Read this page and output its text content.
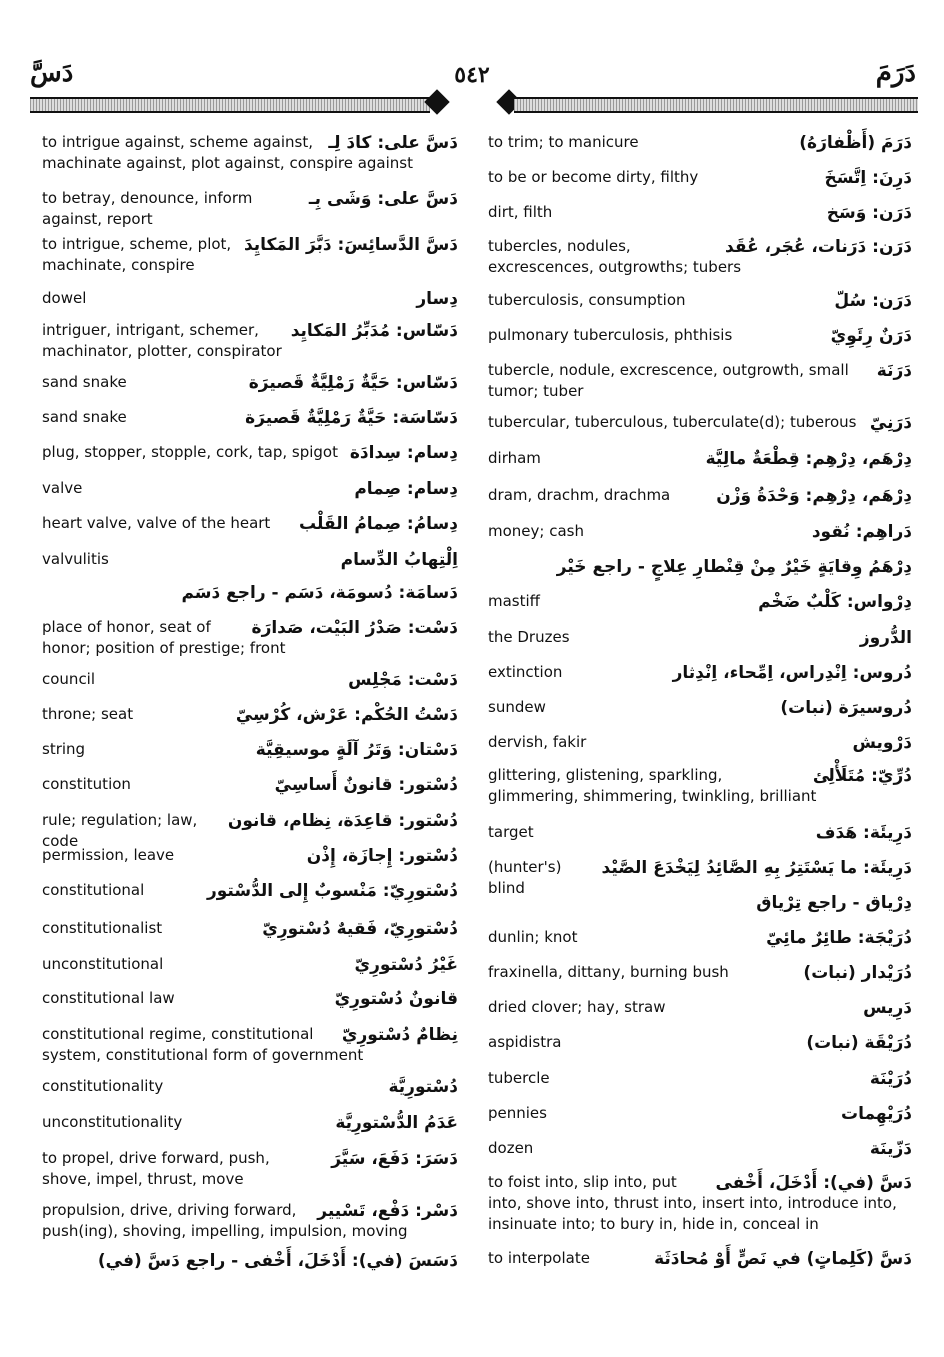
دَسَّ	٥٤٢	دَرَمَ
to intrigue against, scheme against, machinate against, plot against, conspire against
دَسَّ على: كادَ لِـ
to betray, denounce, inform against, report
دَسَّ على: وَشَى بِـ
to intrigue, scheme, plot, machinate, conspire
دَسَّ الدَّسائِسَ: دَبَّرَ المَكايِدَ
dowel	دِسار
intriguer, intrigant, schemer, machinator, plotter, conspirator
دَسّاس: مُدَبِّرُ المَكايِد
sand snake	دَسّاس: حَيَّةٌ رَمْلِيَّةٌ قَصيرَة
sand snake	دَسّاسَة: حَيَّةٌ رَمْلِيَّةٌ قَصيرَة
plug, stopper, stopple, cork, tap, spigot دِسام: سِدادَة
valve	دِسام: صِمام
heart valve, valve of the heart	دِسامُ: صِمامُ القَلْب
valvulitis	اِلْتِهابُ الدِّسام
دَسامَة: دُسومَة، دَسَم - راجع دَسَم
place of honor, seat of honor; position of prestige; front
دَسْت: صَدْرُ البَيْت، صَدارَة
council	دَسْت: مَجْلِس
throne; seat	دَسْتُ الحُكْم: عَرْش، كُرْسِيّ
string	دَسْتان: وَتَرُ آلَةٍ موسيقِيَّة
constitution	دُسْتور: قانونٌ أَساسِيّ
rule; regulation; law, code
دُسْتور: قاعِدَة، نِظام، قانون
permission, leave	دُسْتور: إِجازَة، إِذْن
constitutional	دُسْتورِيّ: مَنْسوبٌ إِلى الدُّسْتور
constitutionalist	دُسْتورِيّ، فَقيهٌ دُسْتورِيّ
unconstitutional	غَيْرُ دُسْتورِيّ
constitutional law	قانونٌ دُسْتورِيّ
constitutional regime, constitutional system, constitutional form of government
نِظامٌ دُسْتورِيّ
constitutionality	دُسْتورِيَّة
unconstitutionality	عَدَمُ الدُّسْتورِيَّة
to propel, drive forward, push, shove, impel, thrust, move
دَسَرَ: دَفَعَ، سَيَّرَ
propulsion, drive, driving forward, push(ing), shoving, impelling, impulsion, moving
دَسْر: دَفْع، تَسْيير
دَسَسَ (في): أَدْخَلَ، أَخْفى - راجع دَسَّ (في)
to trim; to manicure	دَرَمَ (أَظْفارَهُ)
to be or become dirty, filthy	دَرِنَ: اِتَّسَخَ
dirt, filth	دَرَن: وَسَخ
tubercles, nodules, excrescences, outgrowths; tubers
دَرَن: دَرَنات، عُجَر، عُقَد
tuberculosis, consumption	دَرَن: سُلّ
pulmonary tuberculosis, phthisis	دَرَنٌ رِئَوِيّ
tubercle, nodule, excrescence, outgrowth, small tumor; tuber
دَرَنَة
tubercular, tuberculous, tuberculate(d); tuberous دَرَنِيّ
dirham	دِرْهَم، دِرْهِم: قِطْعَةٌ مالِيَّة
dram, drachm, drachma	دِرْهَم، دِرْهِم: وَحْدَةُ وَزْن
money; cash	دَراهِم: نُقود
دِرْهَمُ وِقايَةٍ خَيْرٌ مِنْ قِنْطارِ عِلاجٍ - راجع خَيْر
mastiff	دِرْواس: كَلْبٌ ضَخْم
the Druzes	الدُّروز
extinction	دُروس: اِنْدِراس، اِمِّحاء، اِنْدِثار
sundew	دُروسيرَة (نبات)
dervish, fakir	دَرْويش
glittering, glistening, sparkling, glimmering, shimmering, twinkling, brilliant
دُرِّيّ: مُتَلَأْلِئ
target	دَرِيئَة: هَدَف
(hunter's) blind
دَرِيئَة: ما يَسْتَتِرُ بِهِ الصَّائِدُ لِيَخْدَعَ الصَّيْد
دِرْياق - راجع تِرْياق
dunlin; knot	دُرَيْجَة: طائِرٌ مائِيّ
fraxinella, dittany, burning bush	دُرَيْدار (نبات)
dried clover; hay, straw	دَرِيس
aspidistra	دُرَيْقَة (نبات)
tubercle	دُرَيْنَة
pennies	دُرَيْهِمات
dozen	دَزّينَة
to foist into, slip into, put into, shove into, thrust into, insert into, introduce into, insinuate into; to bury in, hide in, conceal in
دَسَّ (في): أَدْخَلَ، أَخْفى
to interpolate	دَسَّ (كَلِماتٍ) في نَصٍّ أَوْ مُحادَثَة
